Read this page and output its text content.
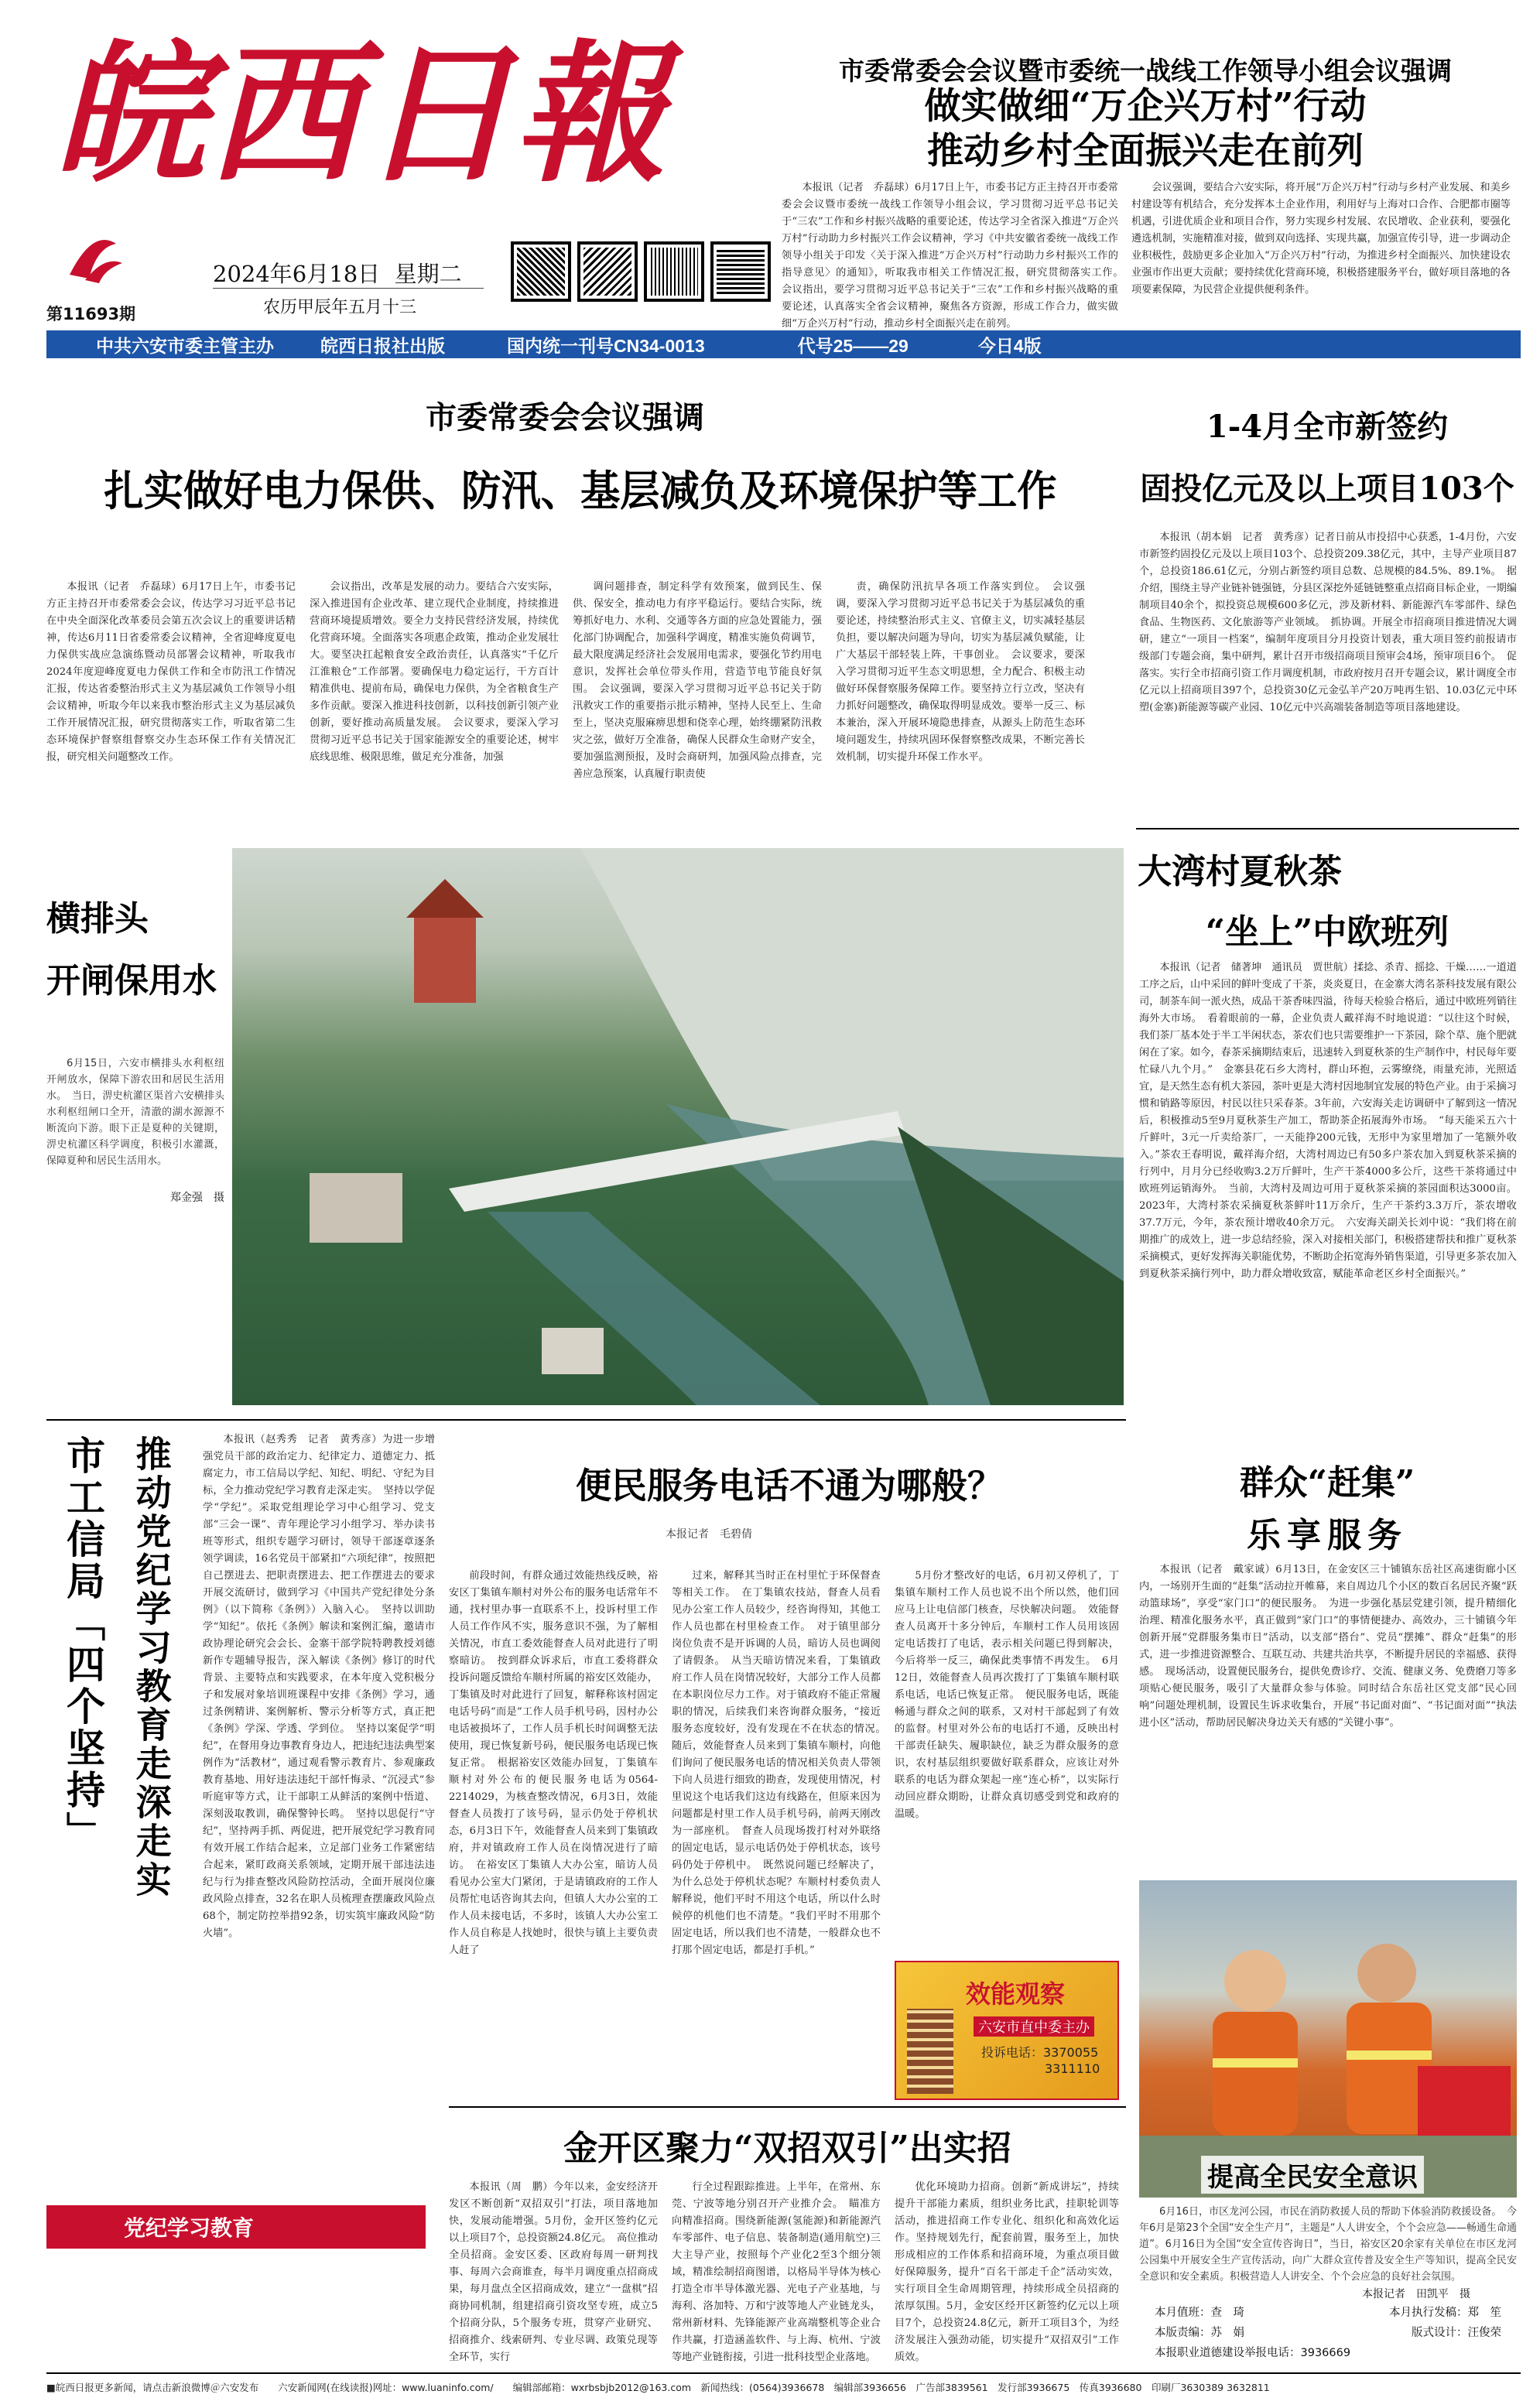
皖西日報
第11693期
2024年6月18日 星期二
农历甲辰年五月十三
市委常委会会议暨市委统一战线工作领导小组会议强调
做实做细“万企兴万村”行动
推动乡村全面振兴走在前列

本报讯（记者　乔磊球）6月17日上午，市委书记方正主持召开市委常委会会议暨市委统一战线工作领导小组会议，学习贯彻习近平总书记关于“三农”工作和乡村振兴战略的重要论述，传达学习全省深入推进“万企兴万村”行动助力乡村振兴工作会议精神，学习《中共安徽省委统一战线工作领导小组关于印发〈关于深入推进“万企兴万村”行动助力乡村振兴工作的指导意见〉的通知》，听取我市相关工作情况汇报，研究贯彻落实工作。　会议指出，要学习贯彻习近平总书记关于“三农”工作和乡村振兴战略的重要论述，认真落实全省会议精神，聚焦各方资源，形成工作合力，做实做细“万企兴万村”行动，推动乡村全面振兴走在前列。

会议强调，要结合六安实际，将开展“万企兴万村”行动与乡村产业发展、和美乡村建设等有机结合，充分发挥本土企业作用，利用好与上海对口合作、合肥都市圈等机遇，引进优质企业和项目合作，努力实现乡村发展、农民增收、企业获利，要强化遴选机制，实施精准对接，做到双向选择、实现共赢，加强宣传引导，进一步调动企业积极性，鼓励更多企业加入“万企兴万村”行动，为推进乡村全面振兴、加快建设农业强市作出更大贡献；要持续优化营商环境，积极搭建服务平台，做好项目落地的各项要素保障，为民营企业提供便利条件。

中共六安市委主管主办	皖西日报社出版	国内统一刊号CN34-0013	代号25——29	今日4版
市委常委会会议强调
扎实做好电力保供、防汛、基层减负及环境保护等工作

本报讯（记者　乔磊球）6月17日上午，市委书记方正主持召开市委常委会会议，传达学习习近平总书记在中央全面深化改革委员会第五次会议上的重要讲话精神，传达6月11日省委常委会议精神，全省迎峰度夏电力保供实战应急演练暨动员部署会议精神，听取我市2024年度迎峰度夏电力保供工作和全市防汛工作情况汇报，传达省委整治形式主义为基层减负工作领导小组会议精神，听取今年以来我市整治形式主义为基层减负工作开展情况汇报，研究贯彻落实工作，听取省第二生态环境保护督察组督察交办生态环保工作有关情况汇报，研究相关问题整改工作。

会议指出，改革是发展的动力。要结合六安实际，深入推进国有企业改革、建立现代企业制度，持续推进营商环境提质增效。要全力支持民营经济发展，持续优化营商环境。全面落实各项惠企政策，推动企业发展壮大。要坚决扛起粮食安全政治责任，认真落实“千亿斤江淮粮仓”工作部署。要确保电力稳定运行，干方百计精准供电、提前布局，确保电力保供，为全省粮食生产多作贡献。要深入推进科技创新，以科技创新引领产业创新，要好推动高质量发展。　会议要求，要深入学习贯彻习近平总书记关于国家能源安全的重要论述，树牢底线思维、极限思维，做足充分准备，加强

调问题排查，制定科学有效预案，做到民生、保供、保安全，推动电力有序平稳运行。要结合实际，统筹抓好电力、水利、交通等各方面的应急处置能力，强化部门协调配合，加强科学调度，精准实施负荷调节，最大限度满足经济社会发展用电需求，要强化节约用电意识，发挥社会单位带头作用，营造节电节能良好氛围。　会议强调，要深入学习贯彻习近平总书记关于防汛救灾工作的重要指示批示精神，坚持人民至上、生命至上，坚决克服麻痹思想和侥幸心理，始终绷紧防汛救灾之弦，做好万全准备，确保人民群众生命财产安全，要加强监测预报，及时会商研判，加强风险点排查，完善应急预案，认真履行职责使

责，确保防汛抗旱各项工作落实到位。　会议强调，要深入学习贯彻习近平总书记关于为基层减负的重要论述，持续整治形式主义、官僚主义，切实减轻基层负担，要以解决问题为导向，切实为基层减负赋能，让广大基层干部轻装上阵，干事创业。　会议要求，要深入学习贯彻习近平生态文明思想，全力配合、积极主动做好环保督察服务保障工作。要坚持立行立改，坚决有力抓好问题整改，确保取得明显成效。要举一反三、标本兼治，深入开展环境隐患排查，从源头上防范生态环境问题发生，持续巩固环保督察整改成果，不断完善长效机制，切实提升环保工作水平。

1-4月全市新签约
固投亿元及以上项目103个

本报讯（胡本娟　记者　黄秀彦）记者日前从市投招中心获悉，1-4月份，六安市新签约固投亿元及以上项目103个、总投资209.38亿元，其中，主导产业项目87个，总投资186.61亿元，分别占新签约项目总数、总规模的84.5%、89.1%。　据介绍，围绕主导产业链补链强链，分县区深挖外延链链整重点招商目标企业，一期编制项目40余个，拟投资总规模600多亿元，涉及新材料、新能源汽车零部件、绿色食品、生物医药、文化旅游等产业领域。　抓协调。开展全市招商项目推进情况大调研，建立“一项目一档案”，编制年度项目分月投资计划表，重大项目签约前报请市级部门专题会商，集中研判，累计召开市级招商项目预审会4场，预审项目6个。　促落实。实行全市招商引资工作月调度机制，市政府按月召开专题会议，累计调度全市亿元以上招商项目397个，总投资30亿元金弘羊产20万吨再生铝、10.03亿元中环塑(金寨)新能源等碳产业园、10亿元中兴高端装备制造等项目落地建设。

横排头
开闸保用水
6月15日，六安市横排头水利枢纽开闸放水，保障下游农田和居民生活用水。　当日，淠史杭灌区渠首六安横排头水利枢纽闸口全开，清澈的湖水源源不断流向下游。眼下正是夏种的关键期，淠史杭灌区科学调度，积极引水灌溉，保障夏种和居民生活用水。
郑金强　摄
大湾村夏秋茶
“坐上”中欧班列

本报讯（记者　储著坤　通讯员　贾世航）揉捻、杀青、摇捻、干燥……一道道工序之后，山中采回的鲜叶变成了干茶，炎炎夏日，在金寨大湾名茶科技发展有限公司，制茶车间一派火热，成品干茶香味四溢，待每天检验合格后，通过中欧班列销往海外大市场。　看着眼前的一幕，企业负责人戴祥海不时地说道：“以往这个时候，我们茶厂基本处于半工半闲状态，茶农们也只需要维护一下茶园，除个草、施个肥就闲在了家。如今，春茶采摘期结束后，迅速转入到夏秋茶的生产制作中，村民每年要忙碌八九个月。”　金寨县花石乡大湾村，群山环抱，云雾缭绕，雨量充沛，光照适宜，是天然生态有机大茶园，茶叶更是大湾村因地制宜发展的特色产业。由于采摘习惯和销路等原因，村民以往只采春茶。3年前，六安海关走访调研中了解到这一情况后，积极推动5至9月夏秋茶生产加工，帮助茶企拓展海外市场。　“每天能采五六十斤鲜叶，3元一斤卖给茶厂，一天能挣200元钱，无形中为家里增加了一笔额外收入。”茶农王春明说，戴祥海介绍，大湾村周边已有50多户茶农加入到夏秋茶采摘的行列中，月月分已经收购3.2万斤鲜叶，生产干茶4000多公斤，这些干茶将通过中欧班列运销海外。　当前，大湾村及周边可用于夏秋茶采摘的茶园面积达3000亩。2023年，大湾村茶农采摘夏秋茶鲜叶11万余斤，生产干茶约3.3万斤，茶农增收37.7万元，今年，茶农预计增收40余万元。　六安海关副关长刘中说：“我们将在前期推广的成效上，进一步总结经验，深入对接相关部门，积极搭建帮扶和推广夏秋茶采摘模式，更好发挥海关职能优势，不断助企拓宽海外销售渠道，引导更多茶农加入到夏秋茶采摘行列中，助力群众增收致富，赋能革命老区乡村全面振兴。”

市工信局「四个坚持」 推动党纪学习教育走深走实	本报讯（赵秀秀　记者　黄秀彦）为进一步增强党员干部的政治定力、纪律定力、道德定力、抵腐定力，市工信局以学纪、知纪、明纪、守纪为目标，全力推动党纪学习教育走深走实。　坚持以学促学“学纪”。采取党组理论学习中心组学习、党支部“三会一课”、青年理论学习小组学习、举办读书班等形式，组织专题学习研讨，领导干部逐章逐条领学调读，16名党员干部紧扣“六项纪律”，按照把自己摆进去、把职责摆进去、把工作摆进去的要求开展交流研讨，做到学习《中国共产党纪律处分条例》（以下简称《条例》）入脑入心。　坚持以训助学“知纪”。依托《条例》解读和案例汇编，邀请市政协理论研究会会长、金寨干部学院特聘教授刘德新作专题辅导报告，深入解读《条例》修订的时代背景、主要特点和实践要求，在本年度入党积极分子和发展对象培训班课程中安排《条例》学习，通过条例精讲、案例解析、警示分析等方式，真正把《条例》学深、学透、学到位。　坚持以案促学“明纪”，在督用身边事教育身边人，把违纪违法典型案例作为“活教材”，通过观看警示教育片、参观廉政教育基地、用好违法违纪干部忏悔录、“沉浸式”参听庭审等方式，让干部职工从鲜活的案例中悟道、深刻汲取教训，确保警钟长鸣。　坚持以思促行“守纪”，坚持两手抓、两促进，把开展党纪学习教育同有效开展工作结合起来，立足部门业务工作紧密结合起来，紧盯政商关系领域，定期开展干部违法违纪与行为排查整改风险防控活动，全面开展岗位廉政风险点排查，32名在职人员梳理查摆廉政风险点68个，制定防控举措92条，切实筑牢廉政风险“防火墙”。

党纪学习教育
便民服务电话不通为哪般？
本报记者　毛碧倩

前段时间，有群众通过效能热线反映，裕安区丁集镇车顺村对外公布的服务电话常年不通，找村里办事一直联系不上，投诉村里工作人员工作作风不实，服务意识不强，为了解相关情况，市直工委效能督查人员对此进行了明察暗访。　按到群众诉求后，市直工委将群众投诉问题反馈给车顺村所属的裕安区效能办，丁集镇及时对此进行了回复，解释称该村固定电话号码“而是”工作人员手机号码，因村办公电话被损坏了，工作人员手机长时间调整无法使用，现已恢复新号码，便民服务电话现已恢复正常。　根据裕安区效能办回复，丁集镇车顺村对外公布的便民服务电话为0564-2214029，为核查整改情况，6月3日，效能督查人员拨打了该号码，显示仍处于停机状态，6月3日下午，效能督查人员来到丁集镇政府，并对镇政府工作人员在岗情况进行了暗访。　在裕安区丁集镇人大办公室，暗访人员看见办公室大门紧闭，于是请镇政府的工作人员帮忙电话咨询其去向，但镇人大办公室的工作人员未接电话，不多时，该镇人大办公室工作人员自称是人找她时，很快与镇上主要负责人赶了

过来，解释其当时正在村里忙于环保督查等相关工作。　在丁集镇农技站，督查人员看见办公室工作人员较少，经咨询得知，其他工作人员也都在村里检查工作。　对于镇里部分岗位负责不是开诉调的人员，暗访人员也调阅了请假条。　从当天暗访情况来看，丁集镇政府工作人员在岗情况较好，大部分工作人员都在本职岗位尽力工作。对于镇政府不能正常履职的情况，后续我们来咨询群众服务，“接近服务态度较好，没有发现在不在状态的情况。　随后，效能督查人员来到丁集镇车顺村，向他们询问了便民服务电话的情况相关负责人带领下向人员进行细致的勘查，发现使用情况，村里说这个电话我们这边有线路在，但原来因为问题都是村里工作人员手机号码，前两天刚改为一部座机。　督查人员现场拨打村对外联络的固定电话，显示电话仍处于停机状态，该号码仍处于停机中。　既然说问题已经解决了，为什么总处于停机状态呢？车顺村村委负责人解释说，他们平时不用这个电话，所以什么时候停的机他们也不清楚。“我们平时不用那个固定电话，所以我们也不清楚，一般群众也不打那个固定电话，都是打手机。”

5月份才整改好的电话，6月初又停机了，丁集镇车顺村工作人员也说不出个所以然，他们回应马上让电信部门核查，尽快解决问题。　效能督查人员离开十多分钟后，车顺村工作人员用该固定电话拨打了电话，表示相关问题已得到解决，今后将举一反三，确保此类事情不再发生。　6月12日，效能督查人员再次拨打了丁集镇车顺村联系电话，电话已恢复正常。　便民服务电话，既能畅通与群众之间的联系，又对村干部起到了有效的监督。村里对外公布的电话打不通，反映出村干部责任缺失、履职缺位，缺乏为群众服务的意识，农村基层组织要做好联系群众，应该让对外联系的电话为群众架起一座“连心桥”，以实际行动回应群众期盼，让群众真切感受到党和政府的温暖。

效能观察
六安市直中委主办
投诉电话：3370055
3311110
群众“赶集”
乐享服务

本报讯（记者　戴家诚）6月13日，在金安区三十铺镇东岳社区高速街廊小区内，一场别开生面的“赶集”活动拉开帷幕，来自周边几个小区的数百名居民齐聚“跃动篮球场”，享受“家门口”的便民服务。　为进一步强化基层党建引领，提升精细化治理、精准化服务水平，真正做到“家门口”的事情便捷办、高效办，三十铺镇今年创新开展“党群服务集市日”活动，以支部“搭台”、党员“摆摊”、群众“赶集”的形式，进一步推进资源整合、互联互动、共建共治共享，不断提升居民的幸福感、获得感。　现场活动，设置便民服务台，提供免费诊疗、交流、健康义务、免费磨刀等多项贴心便民服务，吸引了大量群众参与体验。同时结合东岳社区党支部“民心回响”问题处理机制，设置民生诉求收集台，开展“书记面对面”、“书记面对面”“执法进小区”活动，帮助居民解决身边关天有感的“关键小事”。

提高全民安全意识
6月16日，市区龙河公园，市民在消防救援人员的帮助下体验消防救援设备。　今年6月是第23个全国“安全生产月”，主题是“人人讲安全，个个会应急——畅通生命通道”。6月16日为全国“安全宣传咨询日”，当日，裕安区20余家有关单位在市区龙河公园集中开展安全生产宣传活动，向广大群众宣传普及安全生产等知识，提高全民安全意识和安全素质。积极营造人人讲安全、个个会应急的良好社会氛围。
本报记者　田凯平　摄
金开区聚力“双招双引”出实招

本报讯（周　鹏）今年以来，金安经济开发区不断创新“双招双引”打法，项目落地加快，发展动能增强。5月份，金开区签约亿元以上项目7个，总投资额24.8亿元。　高位推动全员招商。金安区委、区政府每周一研判找事、每周六会商谁查，每半月调度重点招商成果，每月盘点全区招商成效，建立“一盘棋”招商协同机制，组建招商引资攻坚专班，成立5个招商分队，5个服务专班，贯穿产业研究、招商推介、线索研判、专业尽调、政策兑现等全环节，实行

行全过程跟踪推进。上半年，在常州、东莞、宁波等地分别召开产业推介会。　瞄准方向精准招商。围绕新能源(氢能源)和新能源汽车零部件、电子信息、装备制造(通用航空)三大主导产业，按照每个产业化2至3个细分领域，精准绘制招商图谱，以格局半导体为核心打造全市半导体激光器、光电子产业基地，与海利、洛加特、万和宁波等地人产业链龙头，常州新材料、先锋能源产业高端整机等企业合作共赢，打造涵盖软件、与上海、杭州、宁波等地产业链衔接，引进一批科技型企业落地。

优化环境助力招商。创新“新成讲坛”，持续提升干部能力素质，组织业务比武，挂职轮训等活动，推进招商工作专业化、组织化和高效化运作。坚持规划先行，配套前置，服务至上，加快形成相应的工作体系和招商环境，为重点项目做好保障服务，提升“百名干部走千企”活动实效，实行项目全生命周期管理，持续形成全员招商的浓厚氛围。5月，金安区经开区新签约亿元以上项目7个，总投资24.8亿元，新开工项目3个，为经济发展注入强劲动能，切实提升“双招双引”工作质效。

本月值班：查　琦	本月执行发稿：郑　笙
本版责编：苏　娟	版式设计：汪俊荣
本报职业道德建设举报电话：3936669
■皖西日报更多新闻，请点击新浪微博＠六安发布　　六安新闻网(在线读报)网址：www.luaninfo.com/　　编辑部邮箱：wxrbsbjb2012@163.com　新闻热线：(0564)3936678　编辑部3936656　广告部3839561　发行部3936675　传真3936680　印刷厂3630389 3632811
